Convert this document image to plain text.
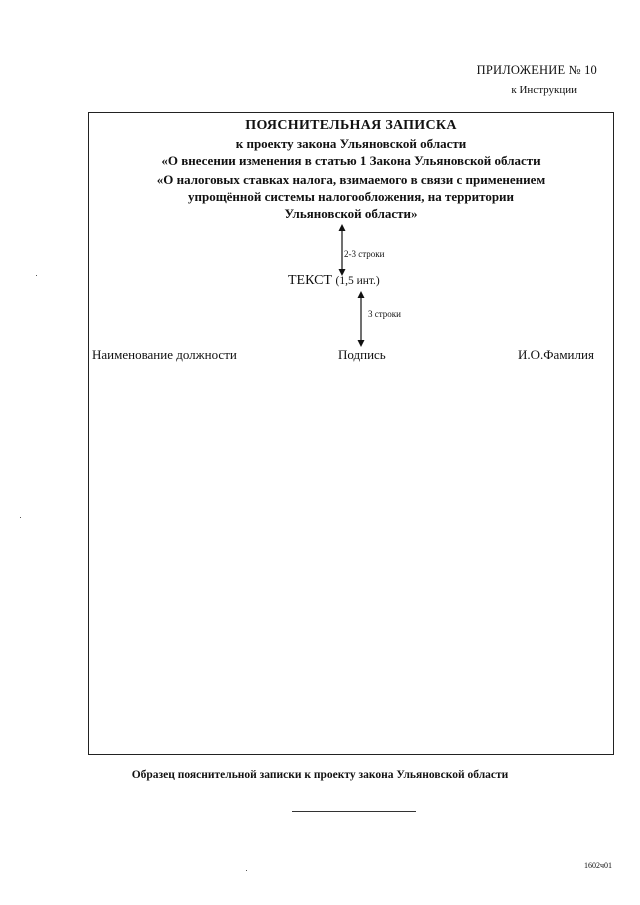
ПРИЛОЖЕНИЕ № 10
к Инструкции
ПОЯСНИТЕЛЬНАЯ ЗАПИСКА
к проекту закона Ульяновской области
«О внесении изменения в статью 1 Закона Ульяновской области
«О налоговых ставках налога, взимаемого в связи с применением
упрощённой системы налогообложения, на территории
Ульяновской области»
2-3 строки
ТЕКСТ (1,5 инт.)
3 строки
Наименование должности	Подпись	И.О.Фамилия
Образец пояснительной записки к проекту закона Ульяновской области
1602ч01
